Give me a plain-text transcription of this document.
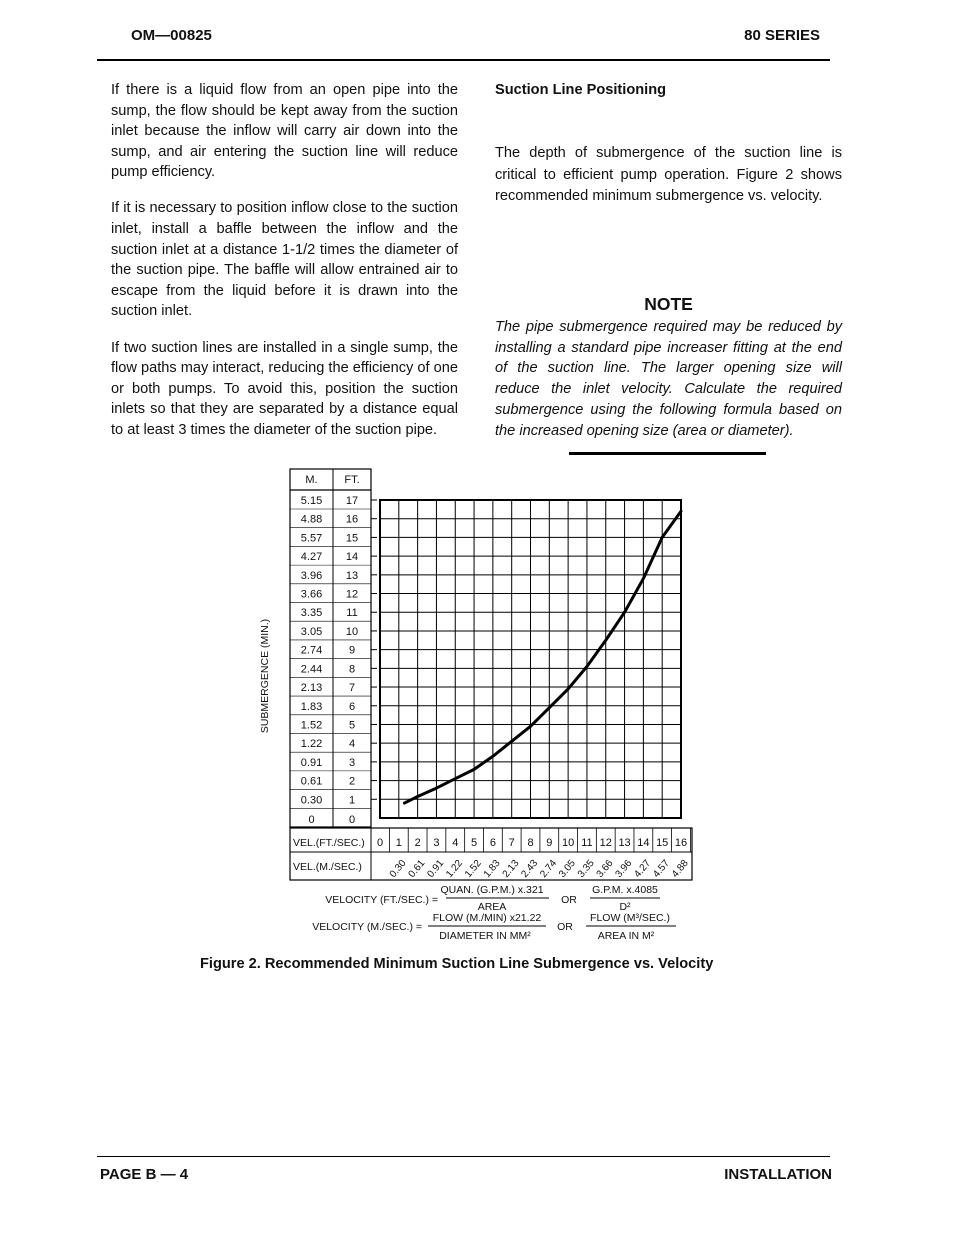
OM—00825	80 SERIES

If there is a liquid flow from an open pipe into the sump, the flow should be kept away from the suction inlet because the inflow will carry air down into the sump, and air entering the suction line will reduce pump efficiency.

If it is necessary to position inflow close to the suction inlet, install a baffle between the inflow and the suction inlet at a distance 1-1/2 times the diameter of the suction pipe. The baffle will allow entrained air to escape from the liquid before it is drawn into the suction inlet.

If two suction lines are installed in a single sump, the flow paths may interact, reducing the efficiency of one or both pumps. To avoid this, position the suction inlets so that they are separated by a distance equal to at least 3 times the diameter of the suction pipe.

Suction Line Positioning
The depth of submergence of the suction line is critical to efficient pump operation. Figure 2 shows recommended minimum submergence vs. velocity.
NOTE
The pipe submergence required may be reduced by installing a standard pipe increaser fitting at the end of the suction line. The larger opening size will reduce the inlet velocity. Calculate the required submergence using the following formula based on the increased opening size (area or diameter).
M. FT.
5.15 17
4.88 16
5.57 15
4.27 14
3.96 13
3.66 12
3.35 11
3.05 10
2.74 9
2.44 8
2.13 7
1.83 6
1.52 5
1.22 4
0.91 3
0.61 2
0.30 1
0	0
SUBMERGENCE (MIN.)
VEL.(FT./SEC.)
VEL.(M./SEC.)
0 1 2 3 4 5 6 7 8 9 10 11 12 13 14 15 16
0.30
0.61
0.91
1.22
1.52
1.83
2.13
2.43
2.74
3.05
3.35
3.66
3.96
4.27
4.57
4.88
VELOCITY (FT./SEC.) =
QUAN. (G.P.M.) x.321
AREA
OR
G.P.M. x.4085
D²
VELOCITY (M./SEC.) =
FLOW (M./MIN) x21.22
DIAMETER IN MM²
OR
FLOW (M³/SEC.)
AREA IN M²
Figure 2. Recommended Minimum Suction Line Submergence vs. Velocity
PAGE B — 4	INSTALLATION
